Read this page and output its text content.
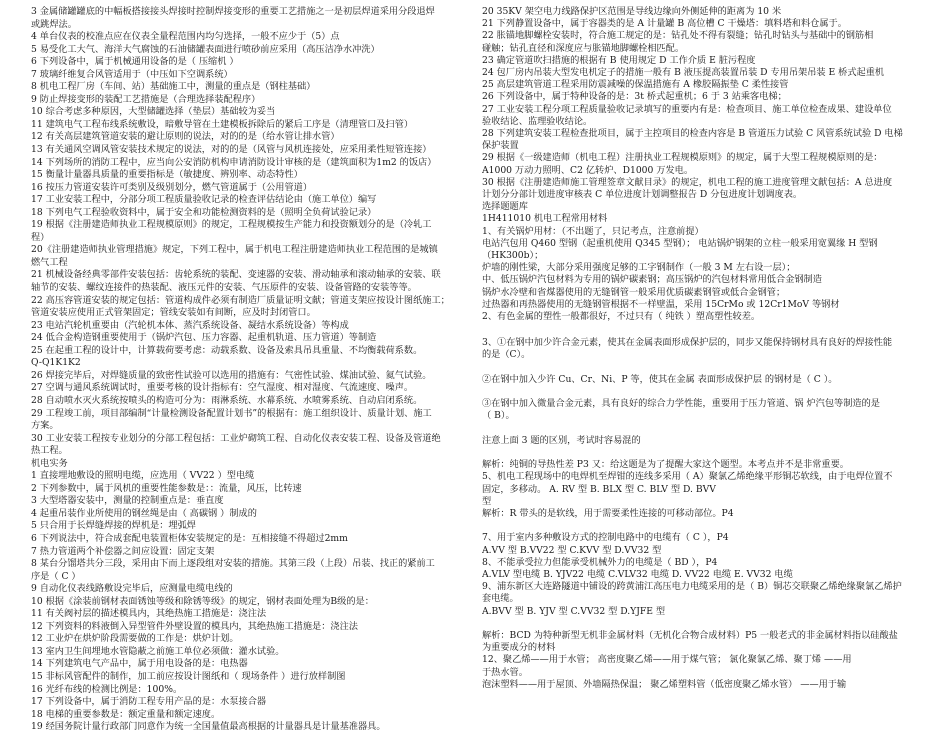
3 金属储罐罐底的中幅板搭接接头焊接时控制焊接变形的重要工艺措施之一是初层焊道采用分段退焊
或跳焊法。
4 单台仪表的校准点应在仪表全量程范围内均匀选择，一般不应少于（5）点
5 易受化工大气、海洋大气腐蚀的石油储罐表面进行喷砂前应采用（高压洁净水冲洗）
6 下列设备中，属于机械通用设备的是（ 压缩机 ）
7 玻璃纤维复合风管适用于（中压如下空调系统）
8 机电工程厂房（车间、站）基础施工中，测量的重点是（钢柱基础）
9 防止焊接变形的装配工艺措施是（合理选择装配程序）
10 综合考虑多种原因，大型储罐选择（垫层）基础较为妥当
11 建筑电气工程布线系统敷设，暗敷导管在土建模板拆除后的紧后工序是（清理管口及扫管）
12 有关高层建筑管道安装的避让原则的说法，对的的是（给水管让排水管）
13 有关通风空调风管安装技术规定的说法，对的的是（风管与风机连接处，应采用柔性短管连接）
14 下列场所的消防工程中，应当向公安消防机构申请消防设计审核的是（建筑面积为1m2 的饭店）
15 衡量计量器具质量的重要指标是（敏捷度、辨别率、动态特性）
16 按压力管道安装许可类别及级别划分，燃气管道属于（公用管道）
17 工业安装工程中，分部分项工程质量验收记录的检查评估结论由（施工单位）编写
18 下列电气工程验收资料中，属于安全和功能检测资料的是（照明全负荷试验记录）
19 根据《注册建造师执业工程规模原则》的规定，工程规模按生产能力和投资额划分的是（冷轧工
程）
20《注册建造师执业管理措施》规定，下列工程中，属于机电工程注册建造师执业工程范围的是城镇
燃气工程
21 机械设备经典零部件安装包括：齿轮系统的装配、变速器的安装、滑动轴承和滚动轴承的安装、联
轴节的安装、螺纹连接件的热装配、液压元件的安装、气压原件的安装、设备管路的安装等等。
22 高压容管道安装的规定包括：管道构成件必须有制造厂质量证明文献；管道支架应按设计图纸施工；
管道安装应使用正式管架固定；管线安装如有间断，应及时封闭管口。
23 电站汽轮机重要由（汽轮机本体、蒸汽系统设备、凝结水系统设备）等构成
24 低合金构造钢重要使用于（锅炉汽包、压力容器、起重机轨道、压力管道）等制造
25 在起重工程的设计中，计算载荷要考虑：动载系数、设备及索具吊具重量、不均衡载荷系数。
Q-Q1K1K2
26 焊接完毕后，对焊缝质量的致密性试验可以选用的措施有：气密性试验、煤油试验、氦气试验。
27 空调与通风系统调试时，重要考核的设计指标有：空气湿度、相对湿度、气流速度、噪声。
28 自动喷水灭火系统按喷头的构造可分为：雨淋系统、水幕系统、水喷雾系统、自动启闭系统。
29 工程竣工前，项目部编制“计量检测设备配置计划书”的根据有：施工组织设计、质量计划、施工
方案。
30 工业安装工程按专业划分的分部工程包括：工业炉砌筑工程、自动化仪表安装工程、设备及管道绝
热工程。
机电实务
1 直接埋地敷设的照明电缆，应选用（ VV22 ）型电缆
2 下列参数中，属于风机的重要性能参数是：：流量，风压，比转速
3 大型塔器安装中，测量的控制重点是：垂直度
4 起重吊装作业所使用的钢丝绳是由（ 高碳钢 ）制成的
5 只合用于长焊缝焊接的焊机是：埋弧焊
6 下列说法中，符合成套配电装置柜体安装规定的是：互相接缝不得超过2mm
7 热力管道两个补偿器之间应设置：固定支架
8 某台分馏塔共分三段，采用由下而上逐段组对安装的措施。其第三段（上段）吊装、找正的紧前工
序是（ C ）
9 自动化仪表线路敷设完毕后，应测量电缆电线的
10 根据《涂装前钢材表面锈蚀等级和除锈等级》的规定，钢材表面处理为B级的是：
11 有关阀衬层的描述模具内，其绝热施工措施是：浇注法
12 下列资料的料液倒入异型管件外壁设置的模具内，其绝热施工措施是：浇注法
12 工业炉在烘炉阶段需要做的工作是：烘炉计划。
13 室内卫生间埋地水管隐蔽之前施工单位必须做：灌水试验。
14 下列建筑电气产品中，属于用电设备的是：电热器
15 非标风管配件的制作，加工前应按设计图纸和（ 现场条件 ）进行放样制图
16 光纤布线的检测比例是：100%。
17 下列设备中，属于消防工程专用产品的是：水泵接合器
18 电梯的重要参数是：额定重量和额定速度。
19 经国务院计量行政部门同意作为统一全国量值最高根据的计量器具是计量基准器具。
20 35KV 架空电力线路保护区范围是导线边缘向外侧延伸的距离为 10 米
21 下列静置设备中，属于容器类的是 A 计量罐 B 高位槽 C 干燥塔：填料塔和料仓属于。
22 胀锚地脚螺栓安装时，符合施工规定的是：钻孔处不得有裂缝；钻孔时钻头与基础中的钢筋相
碰触；钻孔直径和深度应与胀锚地脚螺栓相匹配。
23 确定管道吹扫措施的根据有 B 使用规定 D 工作介质 E 脏污程度
24 包厂房内吊装大型发电机定子的措施一般有 B 液压提高装置吊装 D 专用吊架吊装 E 桥式起重机
25 高层建筑管道工程采用防震减噪的保温措施有 A 橡胶隔振垫 C 柔性接管
26 下列设备中，属于特种设备的是：3t 桥式起重机；6 于 3 站乘客电梯；
27 工业安装工程分项工程质量验收记录填写的重要内有是：检查项目、施工单位检查成果、建设单位
验收结论、监理验收结论。
28 下列建筑安装工程检查批项目，属于主控项目的检查内容是 B 管道压力试验 C 风管系统试验 D 电梯
保护装置
29 根据《一级建造师（机电工程）注册执业工程规模原则》的规定，属于大型工程规模原则的是：
A1000 万动力照明、C2 亿转炉、D1000 万发电。
30 根据《注册建造师施工管理签章文献目录》的规定，机电工程的施工进度管理文献包括：A 总进度
计划分分部计划进度审核表 C 单位进度计划调整报告 D 分包进度计划调度表。
选择题题库
1H411010 机电工程常用材料
1、有关锅炉用材：（不出题了，只记考点，注意前提）
电站汽包用 Q460 型钢（起重机使用 Q345 型钢）； 电站锅炉钢架的立柱一般采用宽翼缘 H 型钢
（HK300b）；
炉墙的刚性梁，大部分采用强度足够的工字钢制作（一般 3 M 左右设一层）；
中、低压锅炉汽包材料为专用的锅炉碳素钢；高压锅炉的汽包材料常用低合金钢制造
锅炉水冷壁和省煤器使用的无缝钢管一般采用优质碳素钢管或低合金钢管；
过热器和再热器使用的无缝钢管根据不一样壁温，采用 15CrMo 或 12Cr1MoV 等钢材
2、有色金属的塑性一般都很好，不过只有（ 纯铁 ）塑高塑性较差。
3、①在钢中加少许合金元素，使其在金属表面形成保护层的，同步又能保持钢材具有良好的焊接性能
的是（C）。
②在钢中加入少许 Cu、Cr、Ni、P 等，使其在金属 表面形成保护层 的钢材是（ C ）。
③在钢中加入微量合金元素，具有良好的综合力学性能，重要用于压力管道、锅 炉汽包等制造的是
（ B）。
注意上面 3 题的区别，考试时容易混的
解析：纯铜的导热性差 P3 又：给这题是为了提醒大家这个题型。本考点并不是非常重要。
5、机电工程现场中的电焊机至焊钳的连线多采用（ A）聚氯乙烯绝缘平形铜芯软线，由于电焊位置不
固定，多移动。 A. RV 型 B. BLX 型 C. BLV 型 D. BVV
型
解析：R 带头的是软线，用于需要柔性连接的可移动部位。P4
7、用于室内多种敷设方式的控制电路中的电缆有（ C ），P4
A.VV 型 B.VV22 型 C.KVV 型 D.VV32 型
8、不能承受拉力但能承受机械外力的电缆是（ BD ），P4
A.VLV 型电缆 B. YJV22 电缆 C.VLV32 电缆 D. VV22 电缆 E. VV32 电缆
9、浦东新区大连路隧道中铺设的跨黄浦江高压电力电缆采用的是（ B）铜芯交联聚乙烯绝缘聚氯乙烯护
套电缆。
A.BVV 型 B. YJV 型 C.VV32 型 D.YJFE 型
解析：BCD 为特种新型无机非金属材料（无机化合物合成材料）P5 一般老式的非金属材料指以硅酸盐
为重要成分的材料
12、聚乙烯——用于水管； 高密度聚乙烯——用于煤气管； 氯化聚氯乙烯、聚丁烯 ——用
于热水管。
泡沫塑料——用于屋顶、外墙隔热保温； 聚乙烯塑料管（低密度聚乙烯水管） ——用于输
